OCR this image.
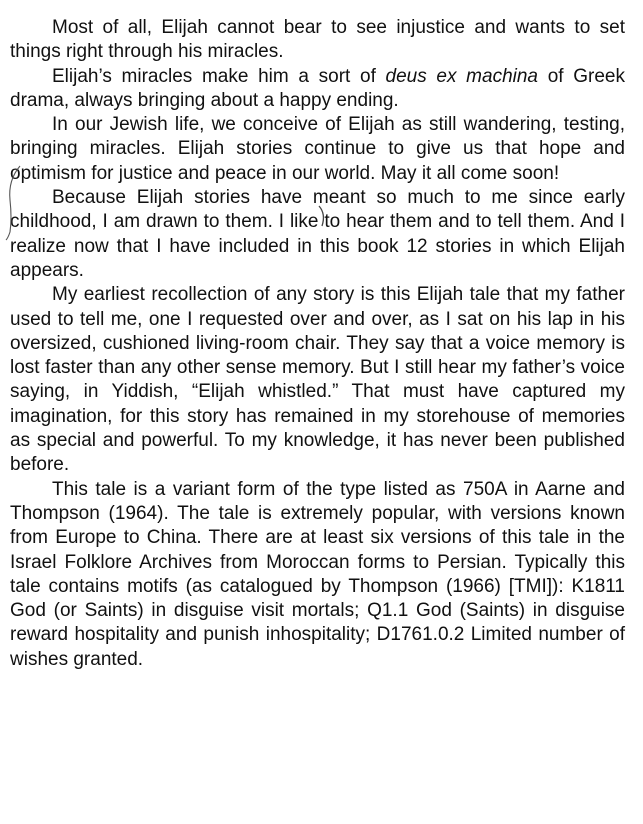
Most of all, Elijah cannot bear to see injustice and wants to set things right through his miracles.

Elijah’s miracles make him a sort of deus ex machina of Greek drama, always bringing about a happy ending.

In our Jewish life, we conceive of Elijah as still wandering, testing, bringing miracles. Elijah stories continue to give us that hope and optimism for justice and peace in our world. May it all come soon!

Because Elijah stories have meant so much to me since early childhood, I am drawn to them. I like to hear them and to tell them. And I realize now that I have included in this book 12 stories in which Elijah appears.

My earliest recollection of any story is this Elijah tale that my father used to tell me, one I requested over and over, as I sat on his lap in his oversized, cushioned living-room chair. They say that a voice memory is lost faster than any other sense memory. But I still hear my father’s voice saying, in Yiddish, “Elijah whistled.” That must have captured my imagination, for this story has remained in my storehouse of memories as special and powerful. To my knowledge, it has never been published before.

This tale is a variant form of the type listed as 750A in Aarne and Thompson (1964). The tale is extremely popular, with versions known from Europe to China. There are at least six versions of this tale in the Israel Folklore Archives from Moroccan forms to Persian. Typically this tale contains motifs (as catalogued by Thompson (1966) [TMI]): K1811 God (or Saints) in disguise visit mortals; Q1.1 God (Saints) in disguise reward hospitality and punish inhospitality; D1761.0.2 Limited number of wishes granted.
